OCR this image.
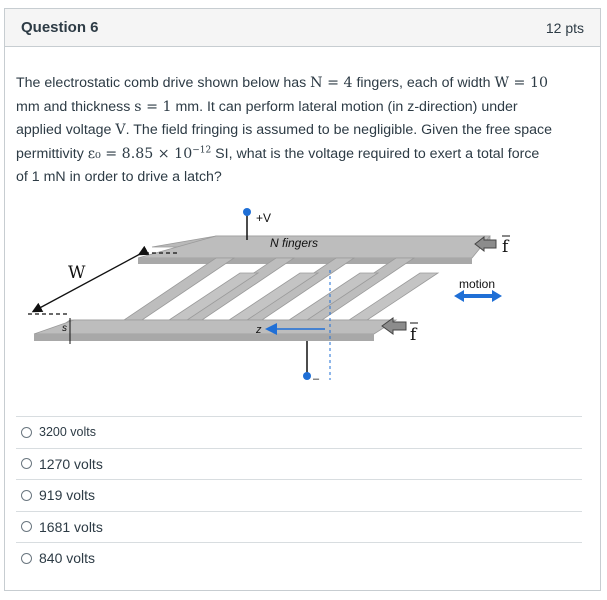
Question 6	12 pts

The electrostatic comb drive shown below has N = 4 fingers, each of width W = 10

mm and thickness s = 1 mm. It can perform lateral motion (in z-direction) under

applied voltage V. The field fringing is assumed to be negligible. Given the free space

permittivity $\varepsilon_0 = 8.85 \times 10^{-12}$ SI, what is the voltage required to exert a total force

of 1 mN in order to drive a latch?

+V
N fingers
–
W
s	z
f
f
motion
3200 volts
1270 volts
919 volts
1681 volts
840 volts
